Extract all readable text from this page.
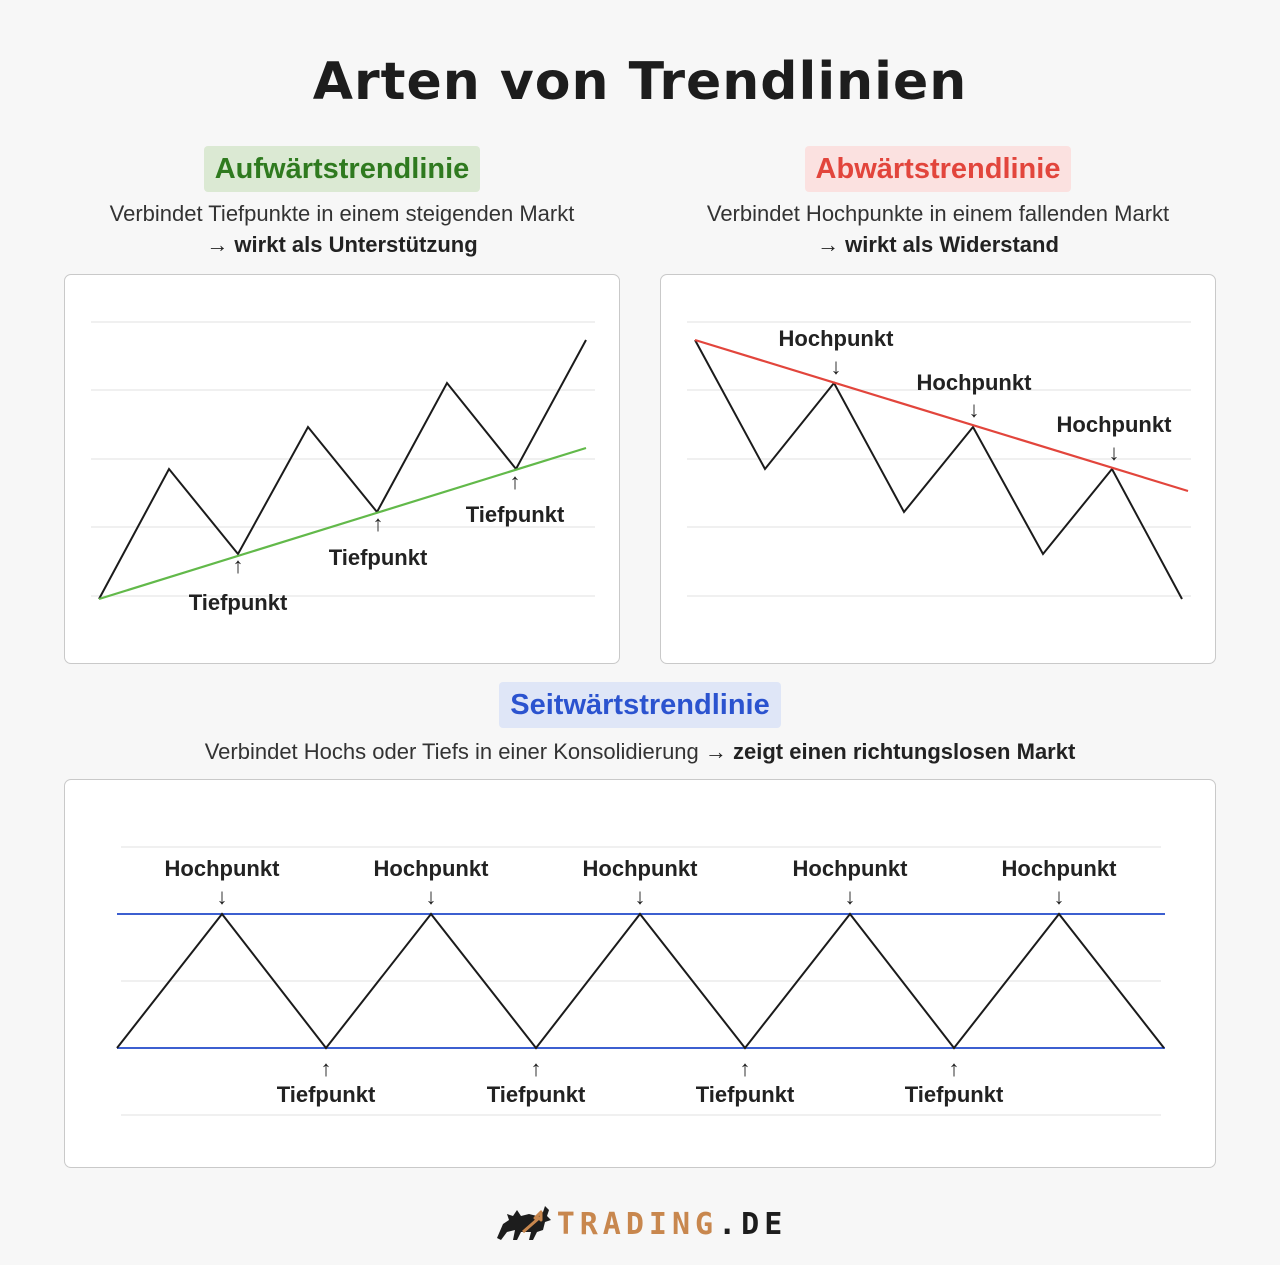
Arten von Trendlinien
Aufwärtstrendlinie
Verbindet Tiefpunkte in einem steigenden Markt
→ wirkt als Unterstützung
Abwärtstrendlinie
Verbindet Hochpunkte in einem fallenden Markt
→ wirkt als Widerstand
↑
Tiefpunkt
↑
Tiefpunkt
↑
Tiefpunkt
Hochpunkt
↓
Hochpunkt
↓
Hochpunkt
↓
Seitwärtstrendlinie
Verbindet Hochs oder Tiefs in einer Konsolidierung → zeigt einen richtungslosen Markt
Hochpunkt
↓
Hochpunkt
↓
Hochpunkt
↓
Hochpunkt
↓
Hochpunkt
↓
↑
Tiefpunkt
↑
Tiefpunkt
↑
Tiefpunkt
↑
Tiefpunkt
TRADING.DE
